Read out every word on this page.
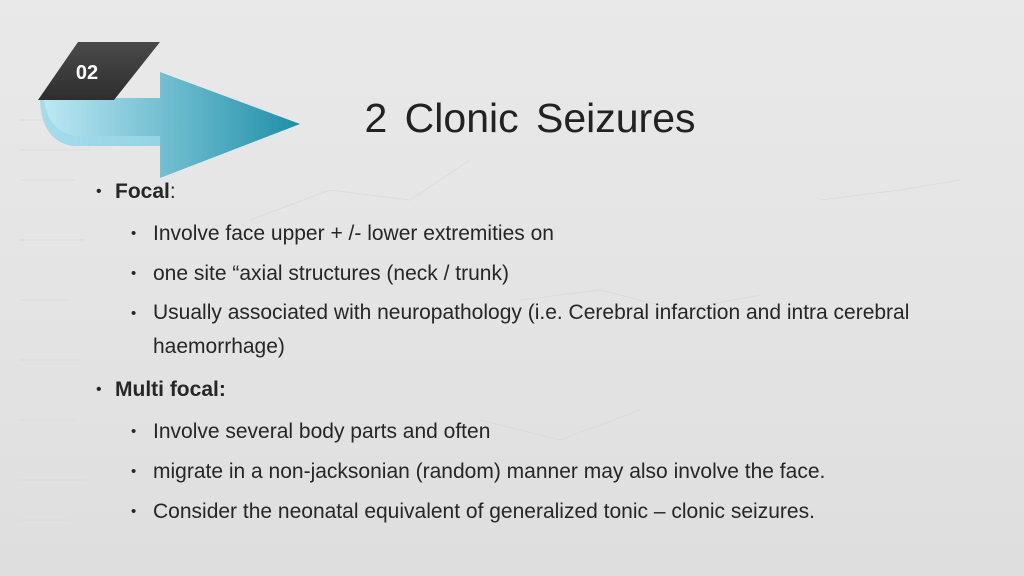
02
2 Clonic Seizures
• Focal:
• Involve face upper + /- lower extremities on
• one site “axial structures (neck / trunk)
• Usually associated with neuropathology (i.e. Cerebral infarction and intra cerebral haemorrhage)
• Multi focal:
• Involve several body parts and often
• migrate in a non-jacksonian (random) manner may also involve the face.
• Consider the neonatal equivalent of generalized tonic – clonic seizures.
